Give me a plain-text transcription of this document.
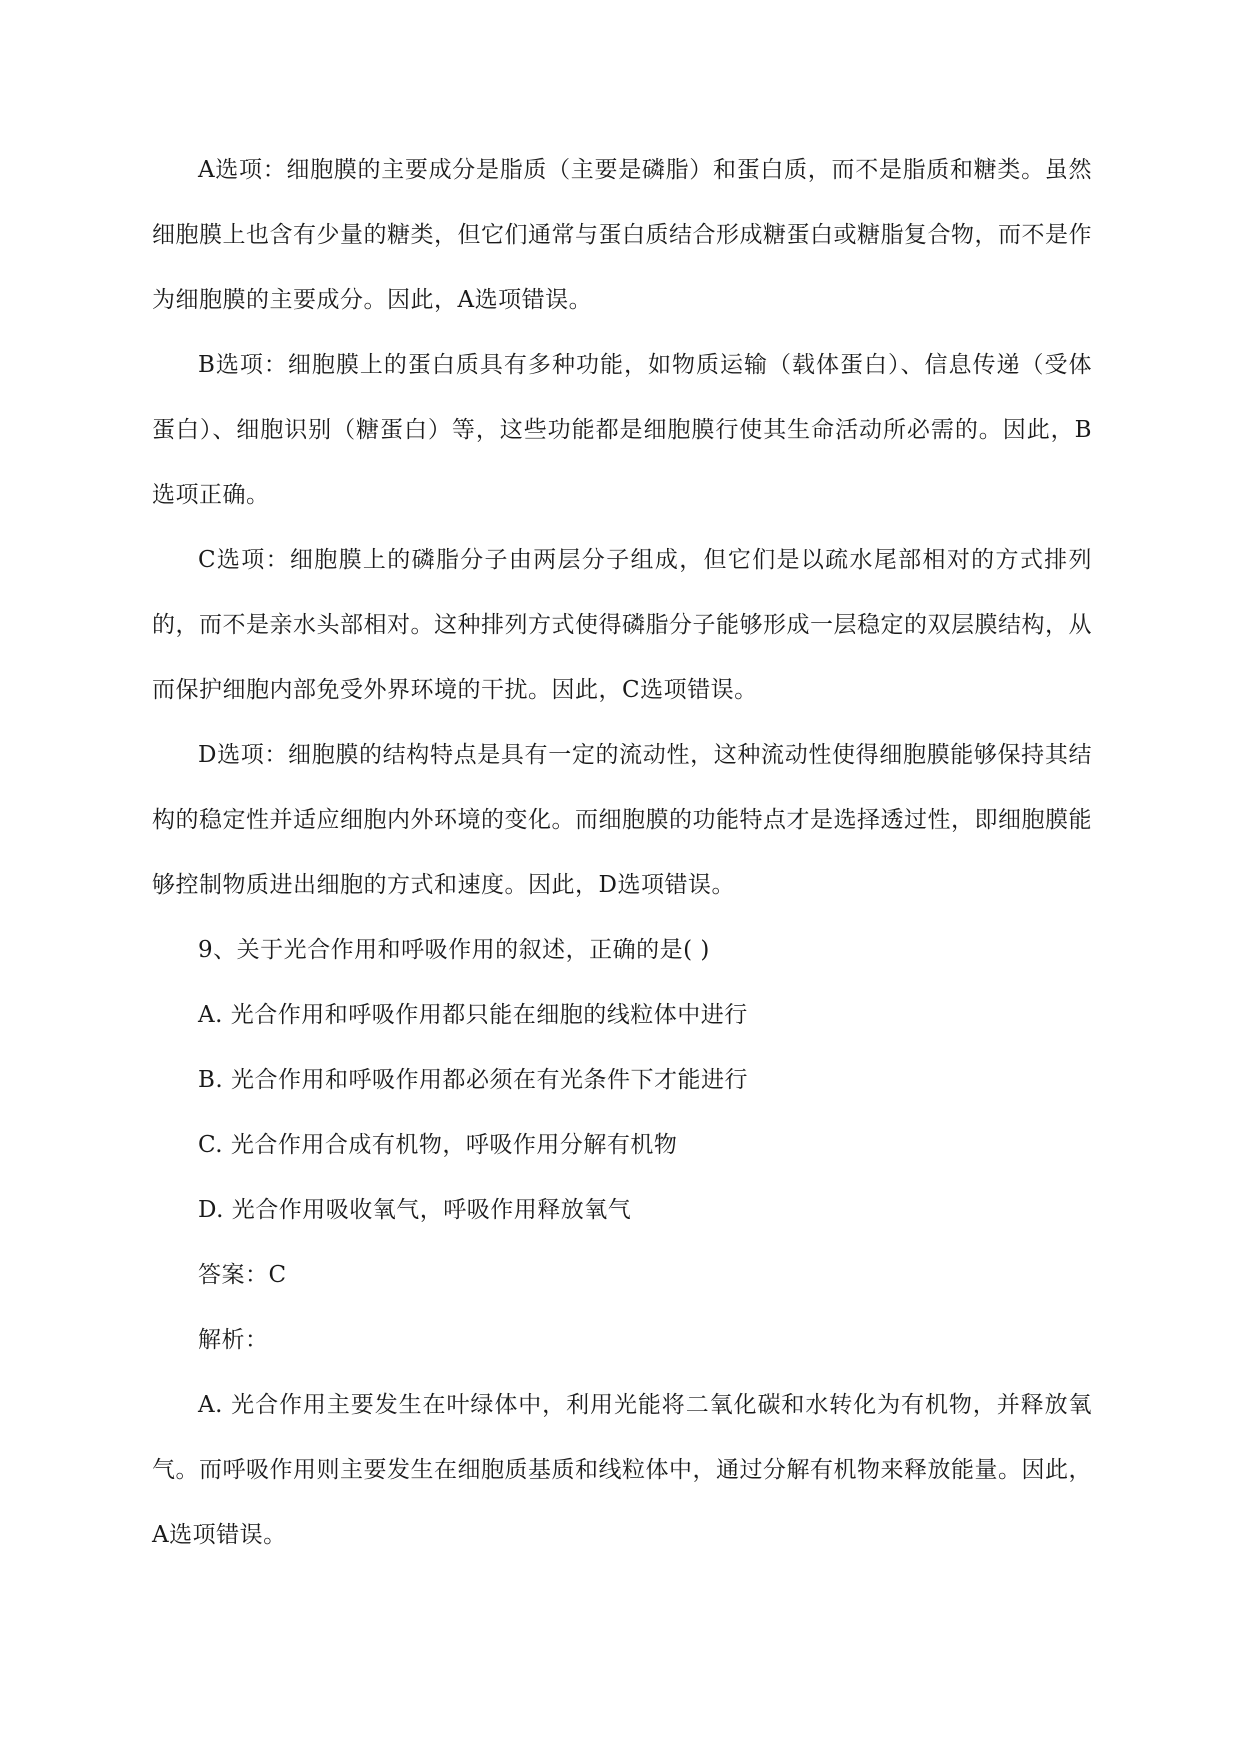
A选项：细胞膜的主要成分是脂质（主要是磷脂）和蛋白质，而不是脂质和糖类。虽然细胞膜上也含有少量的糖类，但它们通常与蛋白质结合形成糖蛋白或糖脂复合物，而不是作为细胞膜的主要成分。因此，A选项错误。

B选项：细胞膜上的蛋白质具有多种功能，如物质运输（载体蛋白）、信息传递（受体蛋白）、细胞识别（糖蛋白）等，这些功能都是细胞膜行使其生命活动所必需的。因此，B选项正确。

C选项：细胞膜上的磷脂分子由两层分子组成，但它们是以疏水尾部相对的方式排列的，而不是亲水头部相对。这种排列方式使得磷脂分子能够形成一层稳定的双层膜结构，从而保护细胞内部免受外界环境的干扰。因此，C选项错误。

D选项：细胞膜的结构特点是具有一定的流动性，这种流动性使得细胞膜能够保持其结构的稳定性并适应细胞内外环境的变化。而细胞膜的功能特点才是选择透过性，即细胞膜能够控制物质进出细胞的方式和速度。因此，D选项错误。

9、关于光合作用和呼吸作用的叙述，正确的是( )

A. 光合作用和呼吸作用都只能在细胞的线粒体中进行

B. 光合作用和呼吸作用都必须在有光条件下才能进行

C. 光合作用合成有机物，呼吸作用分解有机物

D. 光合作用吸收氧气，呼吸作用释放氧气

答案：C

解析：

A. 光合作用主要发生在叶绿体中，利用光能将二氧化碳和水转化为有机物，并释放氧气。而呼吸作用则主要发生在细胞质基质和线粒体中，通过分解有机物来释放能量。因此，A选项错误。
